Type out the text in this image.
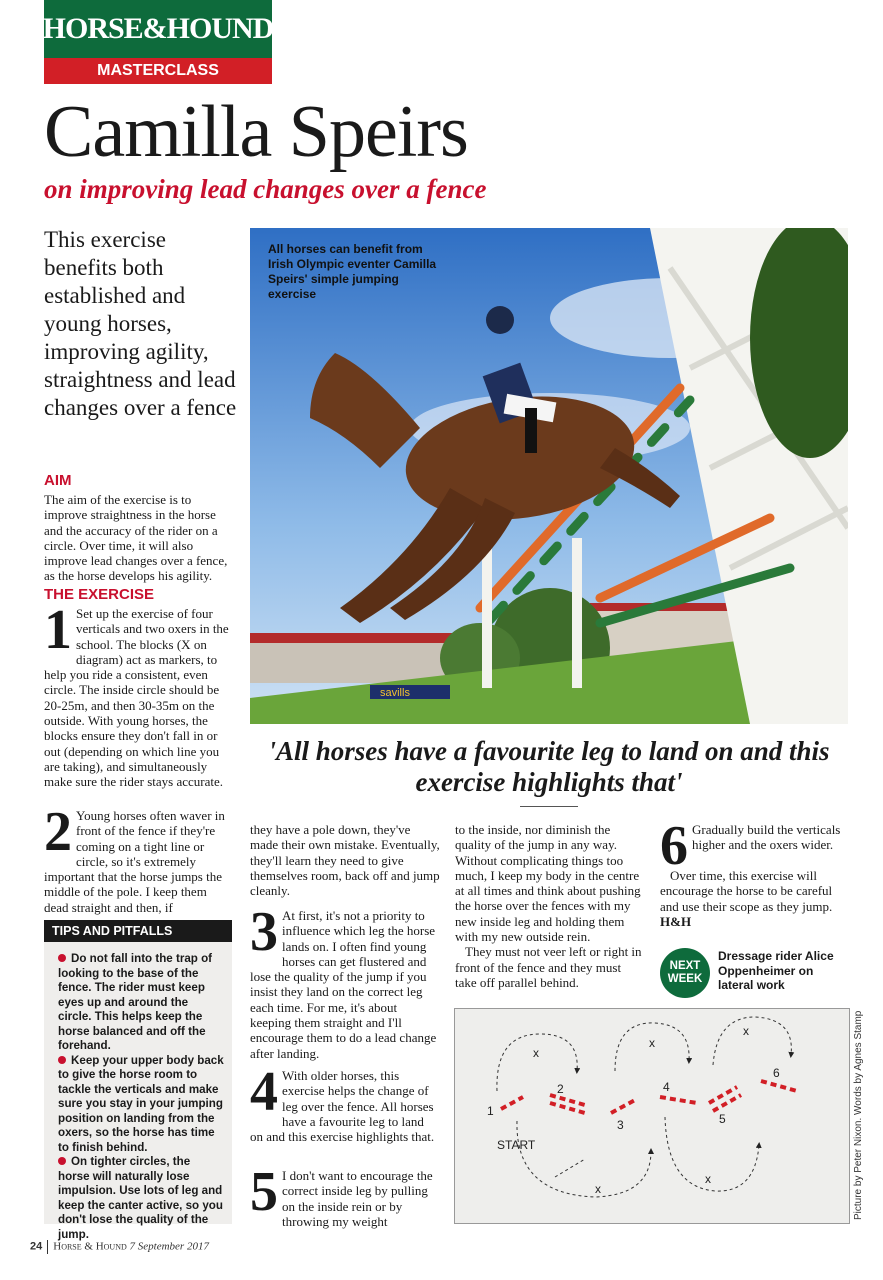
HORSE&HOUND
MASTERCLASS
Camilla Speirs
on improving lead changes over a fence
This exercise benefits both established and young horses, improving agility, straightness and lead changes over a fence
AIM
The aim of the exercise is to improve straightness in the horse and the accuracy of the rider on a circle. Over time, it will also improve lead changes over a fence, as the horse develops his agility.
THE EXERCISE
1 Set up the exercise of four verticals and two oxers in the school. The blocks (X on diagram) act as markers, to help you ride a consistent, even circle. The inside circle should be 20-25m, and then 30-35m on the outside. With young horses, the blocks ensure they don't fall in or out (depending on which line you are taking), and simultaneously make sure the rider stays accurate.
2 Young horses often waver in front of the fence if they're coming on a tight line or circle, so it's extremely important that the horse jumps the middle of the pole. I keep them dead straight and then, if
savills
All horses can benefit from Irish Olympic eventer Camilla Speirs' simple jumping exercise
'All horses have a favourite leg to land on and this exercise highlights that'
TIPS AND PITFALLS
Do not fall into the trap of looking to the base of the fence. The rider must keep eyes up and around the circle. This helps keep the horse balanced and off the forehand.
Keep your upper body back to give the horse room to tackle the verticals and make sure you stay in your jumping position on landing from the oxers, so the horse has time to finish behind.
On tighter circles, the horse will naturally lose impulsion. Use lots of leg and keep the canter active, so you don't lose the quality of the jump.
they have a pole down, they've made their own mistake. Eventually, they'll learn they need to give themselves room, back off and jump cleanly.
3 At first, it's not a priority to influence which leg the horse lands on. I often find young horses can get flustered and lose the quality of the jump if you insist they land on the correct leg each time. For me, it's about keeping them straight and I'll encourage them to do a lead change after landing.
4 With older horses, this exercise helps the change of leg over the fence. All horses have a favourite leg to land on and this exercise highlights that.
5 I don't want to encourage the correct inside leg by pulling on the inside rein or by throwing my weight
to the inside, nor diminish the quality of the jump in any way. Without complicating things too much, I keep my body in the centre at all times and think about pushing the horse over the fences with my new inside leg and holding them with my new outside rein.
They must not veer left or right in front of the fence and they must take off parallel behind.
6 Gradually build the verticals higher and the oxers wider.
Over time, this exercise will encourage the horse to be careful and use their scope as they jump. H&H
NEXT
WEEK
Dressage rider Alice Oppenheimer on lateral work
1
2
3
4
5
6
x
x
x
x
x
START	Picture by Peter Nixon. Words by Agnes Stamp
24 Horse & Hound 7 September 2017
